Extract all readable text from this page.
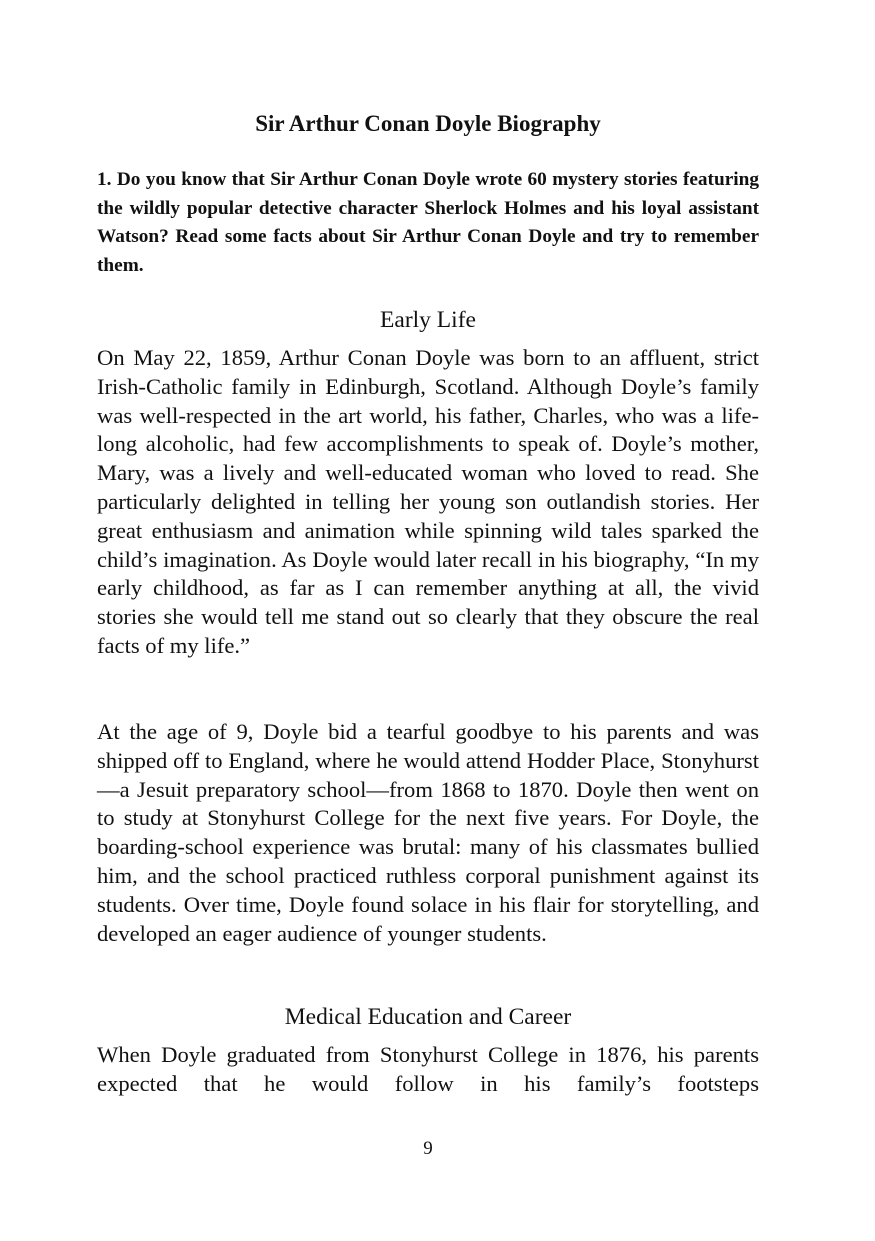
Sir Arthur Conan Doyle Biography

1. Do you know that Sir Arthur Conan Doyle wrote 60 mystery stories featuring the wildly popular detective character Sherlock Holmes and his loyal assistant Watson? Read some facts about Sir Arthur Conan Doyle and try to remember them.

Early Life

On May 22, 1859, Arthur Conan Doyle was born to an affluent, strict Irish-Catholic family in Edinburgh, Scotland. Although Doyle’s family was well-respected in the art world, his father, Charles, who was a life-long alcoholic, had few accomplishments to speak of. Doyle’s mother, Mary, was a lively and well-educated woman who loved to read. She particularly delighted in telling her young son outlandish stories. Her great enthusiasm and animation while spinning wild tales sparked the child’s imagination. As Doyle would later recall in his biography, “In my early childhood, as far as I can remember anything at all, the vivid stories she would tell me stand out so clearly that they obscure the real facts of my life.”

At the age of 9, Doyle bid a tearful goodbye to his parents and was shipped off to England, where he would attend Hodder Place, Stonyhurst—a Jesuit preparatory school—from 1868 to 1870. Doyle then went on to study at Stonyhurst College for the next five years. For Doyle, the boarding-school experience was brutal: many of his classmates bullied him, and the school practiced ruthless corporal punishment against its students. Over time, Doyle found solace in his flair for storytelling, and developed an eager audience of younger students.

Medical Education and Career

When Doyle graduated from Stonyhurst College in 1876, his parents expected that he would follow in his family’s footsteps

9
